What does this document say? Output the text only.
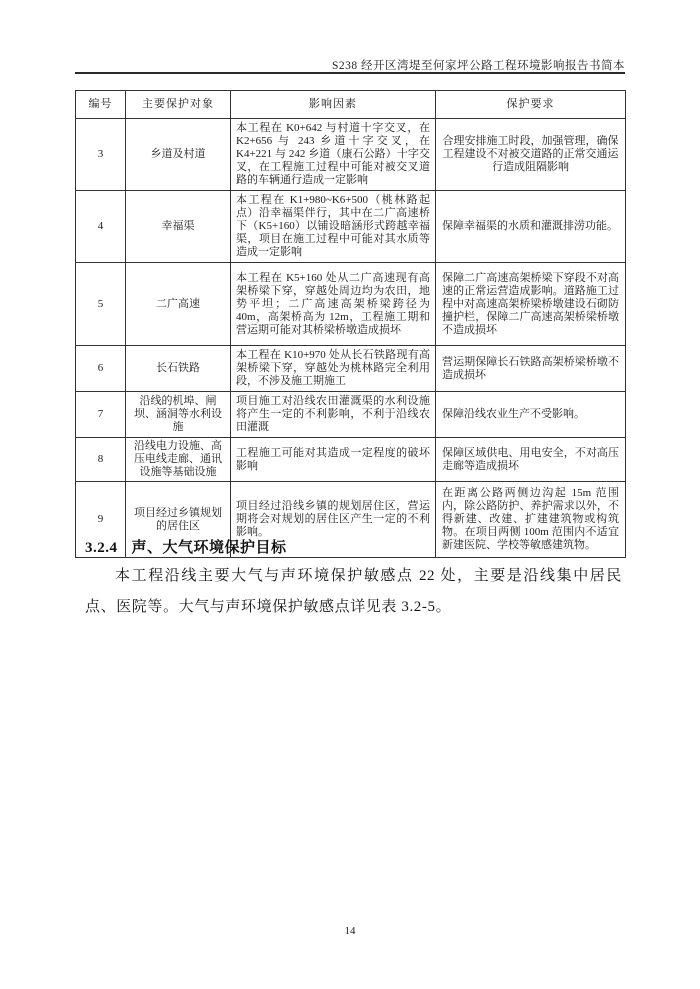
S238 经开区湾堤至何家坪公路工程环境影响报告书简本
编号	主要保护对象	影响因素	保护要求
3	乡道及村道	本工程在 K0+642 与村道十字交叉，在 K2+656 与 243 乡道十字交叉，在 K4+221 与 242 乡道（康石公路）十字交叉，在工程施工过程中可能对被交叉道路的车辆通行造成一定影响	合理安排施工时段，加强管理，确保工程建设不对被交道路的正常交通运行造成阻隔影响
4	幸福渠	本工程在 K1+980~K6+500（桃林路起点）沿幸福渠伴行，其中在二广高速桥下（K5+160）以铺设暗涵形式跨越幸福渠，项目在施工过程中可能对其水质等造成一定影响	保障幸福渠的水质和灌溉排涝功能。
5	二广高速	本工程在 K5+160 处从二广高速现有高架桥梁下穿，穿越处周边均为农田，地势平坦；二广高速高架桥梁跨径为 40m，高架桥高为 12m，工程施工期和营运期可能对其桥梁桥墩造成损坏	保障二广高速高架桥梁下穿段不对高速的正常运营造成影响。道路施工过程中对高速高架桥梁桥墩建设石砌防撞护栏，保障二广高速高架桥梁桥墩不造成损坏
6	长石铁路	本工程在 K10+970 处从长石铁路现有高架桥梁下穿，穿越处为桃林路完全利用段，不涉及施工期施工	营运期保障长石铁路高架桥梁桥墩不造成损坏
7	沿线的机埠、闸坝、涵洞等水利设施	项目施工对沿线农田灌溉渠的水利设施将产生一定的不利影响，不利于沿线农田灌溉	保障沿线农业生产不受影响。
8	沿线电力设施、高压电线走廊、通讯设施等基础设施	工程施工可能对其造成一定程度的破坏影响	保障区域供电、用电安全，不对高压走廊等造成损坏
9	项目经过乡镇规划的居住区	项目经过沿线乡镇的规划居住区，营运期将会对规划的居住区产生一定的不利影响。	在距离公路两侧边沟起 15m 范围内，除公路防护、养护需求以外，不得新建、改建、扩建建筑物或构筑物。在项目两侧 100m 范围内不适宜新建医院、学校等敏感建筑物。
3.2.4 声、大气环境保护目标
本工程沿线主要大气与声环境保护敏感点 22 处，主要是沿线集中居民点、医院等。大气与声环境保护敏感点详见表 3.2-5。
14
